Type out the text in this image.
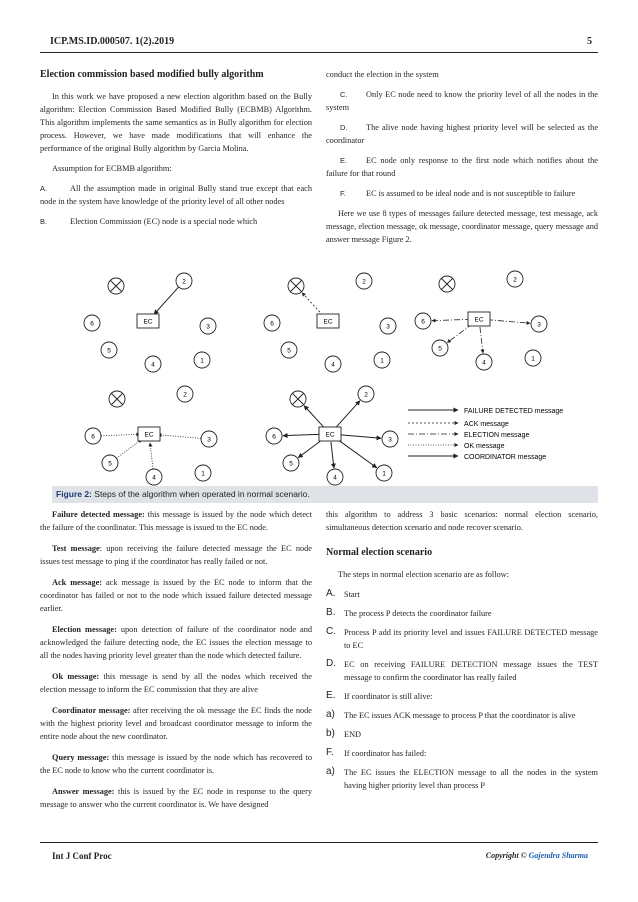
ICP.MS.ID.000507. 1(2).2019	5
Election commission based modified bully algorithm
In this work we have proposed a new election algorithm based on the Bully algorithm: Election Commission Based Modified Bully (ECBMB) Algorithm. This algorithm implements the same semantics as in Bully algorithm for election process. However, we have made modifications that will enhance the performance of the original Bully algorithm by Garcia Molina.
Assumption for ECBMB algorithm:
A.	All the assumption made in original Bully stand true except that each node in the system have knowledge of the priority level of all other nodes
B.	Election Commission (EC) node is a special node which
conduct the election in the system
C. Only EC node need to know the priority level of all the nodes in the system
D. The alive node having highest priority level will be selected as the coordinator
E. EC node only response to the first node which notifies about the failure for that round
F. EC is assumed to be ideal node and is not susceptible to failure
Here we use 8 types of messages failure detected message, test message, ack message, election message, ok message, coordinator message, query message and answer message Figure 2.
EC
1
2
3
4
5
6	EC
1
2
3
4
5
6
EC
1
2
3
4
5
6
EC
1
2
3
4
5
6	EC
1
2
3
4
5
6
FAILURE DETECTED message
ACK message
ELECTION message
OK message
COORDINATOR message
Figure 2: Steps of the algorithm when operated in normal scenario.
Failure detected message: this message is issued by the node which detect the failure of the coordinator. This message is issued to the EC node.
Test message: upon receiving the failure detected message the EC node issues test message to ping if the coordinator has really failed or not.
Ack message: ack message is issued by the EC node to inform that the coordinator has failed or not to the node which issued failure detected message earlier.
Election message: upon detection of failure of the coordinator node and acknowledged the failure detecting node, the EC issues the election message to all the nodes having priority level greater than the node which detected failure.
Ok message: this message is send by all the nodes which received the election message to inform the EC commission that they are alive
Coordinator message: after receiving the ok message the EC finds the node with the highest priority level and broadcast coordinator message to inform the entire node about the new coordinator.
Query message: this message is issued by the node which has recovered to the EC node to know who the current coordinator is.
Answer message: this is issued by the EC node in response to the query message to answer who the current coordinator is. We have designed
this algorithm to address 3 basic scenarios: normal election scenario, simultaneous detection scenario and node recover scenario.
Normal election scenario
The steps in normal election scenario are as follow:
A.	Start
B.	The process P detects the coordinator failure
C. Process P add its priority level and issues FAILURE DETECTED message to EC
D. EC on receiving FAILURE DETECTION message issues the TEST message to confirm the coordinator has really failed
E.	If coordinator is still alive:
a)	The EC issues ACK message to process P that the coordinator is alive
b)	END
F.	If coordinator has failed:
a)	The EC issues the ELECTION message to all the nodes in the system having higher priority level than process P
Int J Conf Proc	Copyright © Gajendra Sharma
